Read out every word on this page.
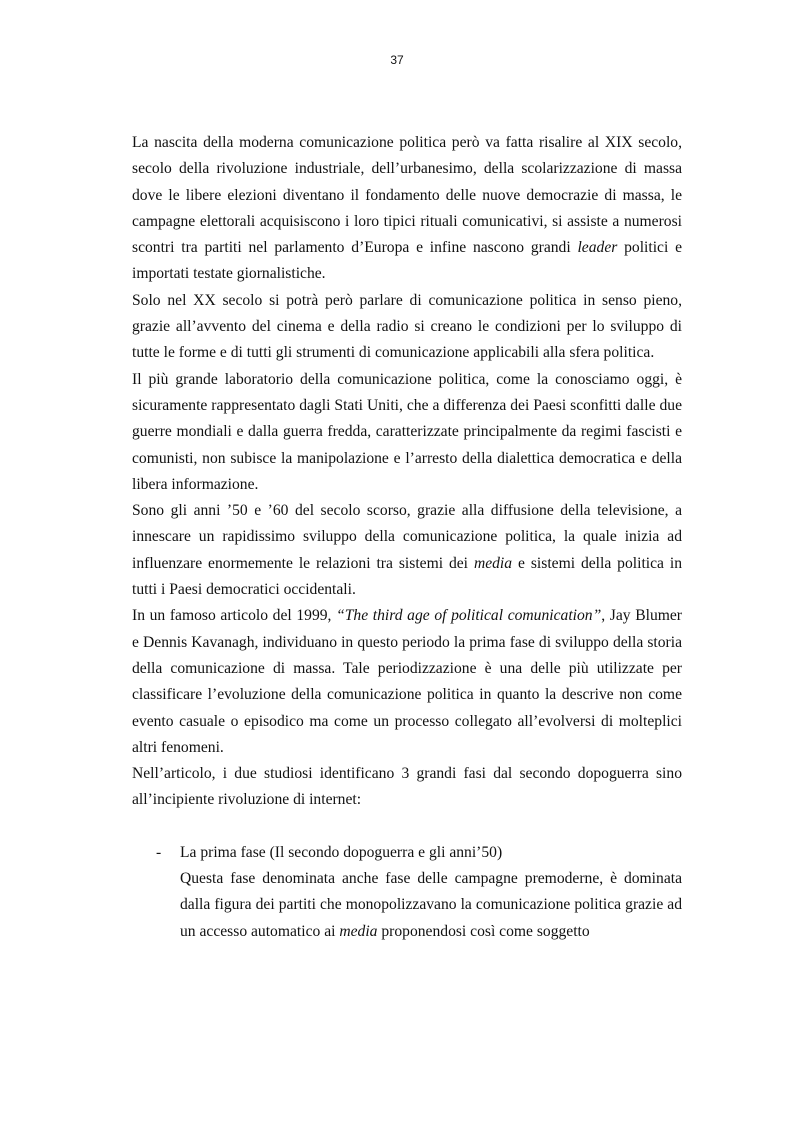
37

La nascita della moderna comunicazione politica però va fatta risalire al XIX secolo, secolo della rivoluzione industriale, dell’urbanesimo, della scolarizzazione di massa dove le libere elezioni diventano il fondamento delle nuove democrazie di massa, le campagne elettorali acquisiscono i loro tipici rituali comunicativi, si assiste a numerosi scontri tra partiti nel parlamento d’Europa e infine nascono grandi leader politici e importati testate giornalistiche.

Solo nel XX secolo si potrà però parlare di comunicazione politica in senso pieno, grazie all’avvento del cinema e della radio si creano le condizioni per lo sviluppo di tutte le forme e di tutti gli strumenti di comunicazione applicabili alla sfera politica.

Il più grande laboratorio della comunicazione politica, come la conosciamo oggi, è sicuramente rappresentato dagli Stati Uniti, che a differenza dei Paesi sconfitti dalle due guerre mondiali e dalla guerra fredda, caratterizzate principalmente da regimi fascisti e comunisti, non subisce la manipolazione e l’arresto della dialettica democratica e della libera informazione.

Sono gli anni ’50 e ’60 del secolo scorso, grazie alla diffusione della televisione, a innescare un rapidissimo sviluppo della comunicazione politica, la quale inizia ad influenzare enormemente le relazioni tra sistemi dei media e sistemi della politica in tutti i Paesi democratici occidentali.

In un famoso articolo del 1999, “The third age of political comunication”, Jay Blumer e Dennis Kavanagh, individuano in questo periodo la prima fase di sviluppo della storia della comunicazione di massa. Tale periodizzazione è una delle più utilizzate per classificare l’evoluzione della comunicazione politica in quanto la descrive non come evento casuale o episodico ma come un processo collegato all’evolversi di molteplici altri fenomeni.

Nell’articolo, i due studiosi identificano 3 grandi fasi dal secondo dopoguerra sino all’incipiente rivoluzione di internet:

- La prima fase (Il secondo dopoguerra e gli anni’50)

Questa fase denominata anche fase delle campagne premoderne, è dominata dalla figura dei partiti che monopolizzavano la comunicazione politica grazie ad un accesso automatico ai media proponendosi così come soggetto
